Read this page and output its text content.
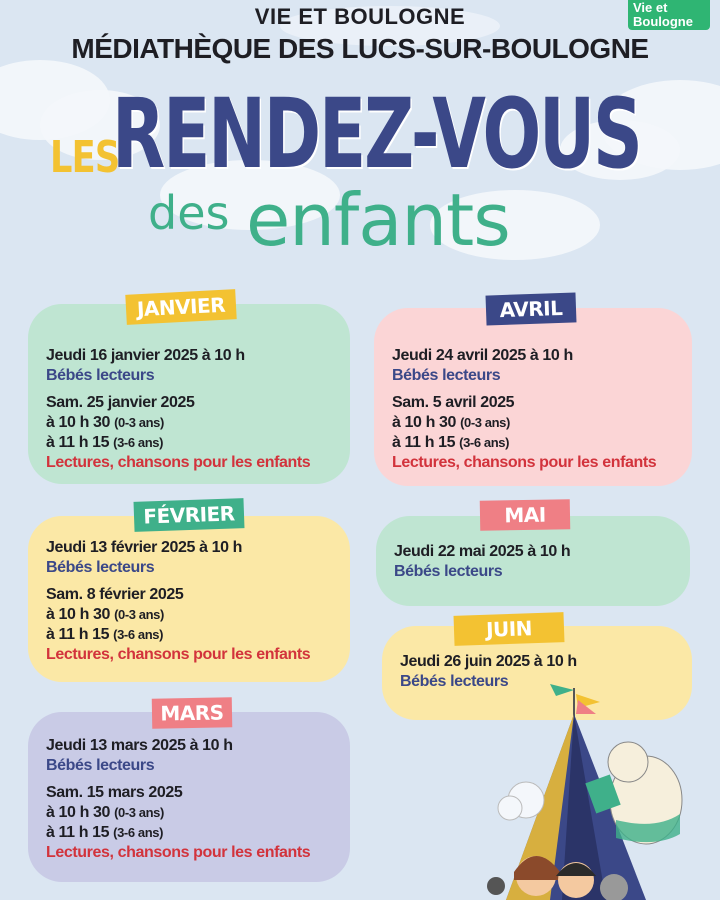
VIE ET BOULOGNE
MÉDIATHÈQUE DES LUCS-SUR-BOULOGNE
Vie et
Boulogne
RENDEZ-VOUS
LES
des enfants
Jeudi 16 janvier 2025 à 10 h
Bébés lecteurs
Sam. 25 janvier 2025
à 10 h 30 (0-3 ans)
à 11 h 15 (3-6 ans)
Lectures, chansons pour les enfants
JANVIER
Jeudi 24 avril 2025 à 10 h
Bébés lecteurs
Sam. 5 avril 2025
à 10 h 30 (0-3 ans)
à 11 h 15 (3-6 ans)
Lectures, chansons pour les enfants
AVRIL
Jeudi 13 février 2025 à 10 h
Bébés lecteurs
Sam. 8 février 2025
à 10 h 30 (0-3 ans)
à 11 h 15 (3-6 ans)
Lectures, chansons pour les enfants
FÉVRIER
Jeudi 22 mai 2025 à 10 h
Bébés lecteurs
MAI
Jeudi 26 juin 2025 à 10 h
Bébés lecteurs
JUIN
Jeudi 13 mars 2025 à 10 h
Bébés lecteurs
Sam. 15 mars 2025
à 10 h 30 (0-3 ans)
à 11 h 15 (3-6 ans)
Lectures, chansons pour les enfants
MARS
